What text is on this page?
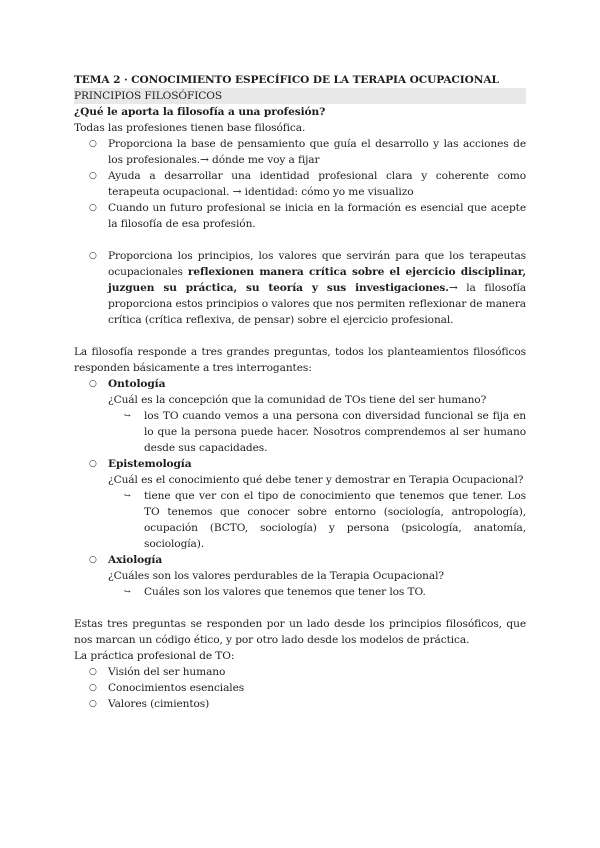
TEMA 2 · CONOCIMIENTO ESPECÍFICO DE LA TERAPIA OCUPACIONAL

PRINCIPIOS FILOSÓFICOS

¿Qué le aporta la filosofía a una profesión?

Todas las profesiones tienen base filosófica.

○ Proporciona la base de pensamiento que guía el desarrollo y las acciones de los profesionales.→ dónde me voy a fijar
○ Ayuda a desarrollar una identidad profesional clara y coherente como terapeuta ocupacional. → identidad: cómo yo me visualizo
○ Cuando un futuro profesional se inicia en la formación es esencial que acepte la filosofía de esa profesión.
○ Proporciona los principios, los valores que servirán para que los terapeutas ocupacionales reflexionen manera crítica sobre el ejercicio disciplinar, juzguen su práctica, su teoría y sus investigaciones.→ la filosofía proporciona estos principios o valores que nos permiten reflexionar de manera crítica (crítica reflexiva, de pensar) sobre el ejercicio profesional.

La filosofía responde a tres grandes preguntas, todos los planteamientos filosóficos responden básicamente a tres interrogantes:

○ Ontología

¿Cuál es la concepción que la comunidad de TOs tiene del ser humano?

↪ los TO cuando vemos a una persona con diversidad funcional se fija en lo que la persona puede hacer. Nosotros comprendemos al ser humano desde sus capacidades.
○ Epistemología

¿Cuál es el conocimiento qué debe tener y demostrar en Terapia Ocupacional?

↪ tiene que ver con el tipo de conocimiento que tenemos que tener. Los TO tenemos que conocer sobre entorno (sociología, antropología), ocupación (BCTO, sociología) y persona (psicología, anatomía, sociología).
○ Axiología

¿Cuáles son los valores perdurables de la Terapia Ocupacional?

↪ Cuáles son los valores que tenemos que tener los TO.

Estas tres preguntas se responden por un lado desde los principios filosóficos, que nos marcan un código ético, y por otro lado desde los modelos de práctica.

La práctica profesional de TO:

○ Visión del ser humano
○ Conocimientos esenciales
○ Valores (cimientos)
